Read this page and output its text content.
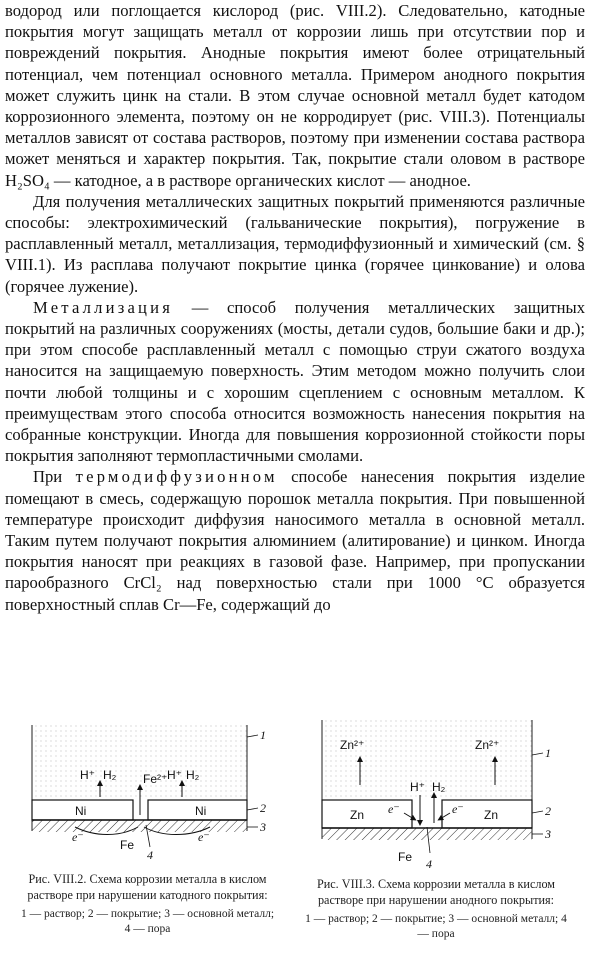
водород или поглощается кислород (рис. VIII.2). Следовательно, катодные покрытия могут защищать металл от коррозии лишь при отсутствии пор и повреждений покрытия. Анодные покрытия имеют более отрицательный потенциал, чем потенциал основного металла. Примером анодного покрытия может служить цинк на стали. В этом случае основной металл будет катодом коррозионного элемента, поэтому он не корродирует (рис. VIII.3). Потенциалы металлов зависят от состава растворов, поэтому при изменении состава раствора может меняться и характер покрытия. Так, покрытие стали оловом в растворе H₂SO₄ — катодное, а в растворе органических кислот — анодное.

Для получения металлических защитных покрытий применяются различные способы: электрохимический (гальванические покрытия), погружение в расплавленный металл, металлизация, термодиффузионный и химический (см. § VIII.1). Из расплава получают покрытие цинка (горячее цинкование) и олова (горячее лужение).

Металлизация — способ получения металлических защитных покрытий на различных сооружениях (мосты, детали судов, большие баки и др.); при этом способе расплавленный металл с помощью струи сжатого воздуха наносится на защищаемую поверхность. Этим методом можно получить слои почти любой толщины и с хорошим сцеплением с основным металлом. К преимуществам этого способа относится возможность нанесения покрытия на собранные конструкции. Иногда для повышения коррозионной стойкости поры покрытия заполняют термопластичными смолами.

При термодиффузионном способе нанесения покрытия изделие помещают в смесь, содержащую порошок металла покрытия. При повышенной температуре происходит диффузия наносимого металла в основной металл. Таким путем получают покрытия алюминием (алитирование) и цинком. Иногда покрытия наносят при реакциях в газовой фазе. Например, при пропускании парообразного CrCl₂ над поверхностью стали при 1000 °С образуется поверхностный сплав Cr—Fe, содержащий до

H⁺ H₂ Fe²⁺ H⁺ H₂
Ni	Ni
e⁻
Fe
e⁻
1
2
3
4

Рис. VIII.2. Схема коррозии металла в кислом растворе при нарушении катодного покрытия:

1 — раствор; 2 — покрытие; 3 — основной металл; 4 — пора

Zn²⁺	Zn²⁺
H⁺ H₂
Zn e⁻	e⁻ Zn
Fe
1
2
3
4

Рис. VIII.3. Схема коррозии металла в кислом растворе при нарушении анодного покрытия:

1 — раствор; 2 — покрытие; 3 — основной металл; 4 — пора
